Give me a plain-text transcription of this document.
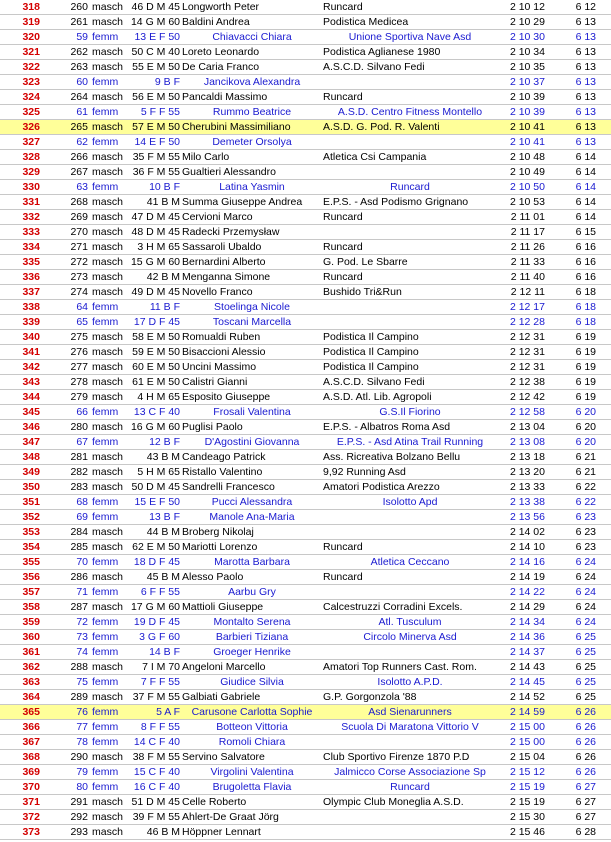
318	260 masch 46 D M 45 Longworth Peter	Runcard	2 10 12	6 12
319	261 masch 14 G M 60 Baldini Andrea	Podistica Medicea	2 10 29	6 13
320	59 femm	13 E F 50	Chiavacci Chiara	Unione Sportiva Nave Asd	2 10 30	6 13
321	262 masch 50 C M 40 Loreto Leonardo	Podistica Aglianese 1980	2 10 34	6 13
322	263 masch 55 E M 50 De Caria Franco	A.S.C.D. Silvano Fedi	2 10 35	6 13
323	60 femm	9 B F	Jancikova Alexandra	2 10 37	6 13
324	264 masch 56 E M 50 Pancaldi Massimo	Runcard	2 10 39	6 13
325	61 femm	5 F F 55	Rummo Beatrice	A.S.D. Centro Fitness Montello	2 10 39	6 13
326	265 masch 57 E M 50 Cherubini Massimiliano	A.S.D. G. Pod. R. Valenti	2 10 41	6 13
327	62 femm	14 E F 50	Demeter Orsolya	2 10 41	6 13
328	266 masch 35 F M 55 Milo Carlo	Atletica Csi Campania	2 10 48	6 14
329	267 masch 36 F M 55 Gualtieri Alessandro	2 10 49	6 14
330	63 femm	10 B F	Latina Yasmin	Runcard	2 10 50	6 14
331	268 masch	41 B M Summa Giuseppe Andrea	E.P.S. - Asd Podismo Grignano	2 10 53	6 14
332	269 masch 47 D M 45 Cervioni Marco	Runcard	2 11 01	6 14
333	270 masch 48 D M 45 Radecki Przemysław	2 11 17	6 15
334	271 masch	3 H M 65 Sassaroli Ubaldo	Runcard	2 11 26	6 16
335	272 masch 15 G M 60 Bernardini Alberto	G. Pod. Le Sbarre	2 11 33	6 16
336	273 masch	42 B M Menganna Simone	Runcard	2 11 40	6 16
337	274 masch 49 D M 45 Novello Franco	Bushido Tri&Run	2 12 11	6 18
338	64 femm	11 B F	Stoelinga Nicole	2 12 17	6 18
339	65 femm	17 D F 45	Toscani Marcella	2 12 28	6 18
340	275 masch 58 E M 50 Romualdi Ruben	Podistica Il Campino	2 12 31	6 19
341	276 masch 59 E M 50 Bisaccioni Alessio	Podistica Il Campino	2 12 31	6 19
342	277 masch 60 E M 50 Uncini Massimo	Podistica Il Campino	2 12 31	6 19
343	278 masch 61 E M 50 Calistri Gianni	A.S.C.D. Silvano Fedi	2 12 38	6 19
344	279 masch	4 H M 65 Esposito Giuseppe	A.S.D. Atl. Lib. Agropoli	2 12 42	6 19
345	66 femm	13 C F 40	Frosali Valentina	G.S.Il Fiorino	2 12 58	6 20
346	280 masch 16 G M 60 Puglisi Paolo	E.P.S. - Albatros Roma Asd	2 13 04	6 20
347	67 femm	12 B F	D'Agostini Giovanna	E.P.S. - Asd Atina Trail Running	2 13 08	6 20
348	281 masch	43 B M Candeago Patrick	Ass. Ricreativa Bolzano Bellu	2 13 18	6 21
349	282 masch	5 H M 65 Ristallo Valentino	9,92 Running Asd	2 13 20	6 21
350	283 masch 50 D M 45 Sandrelli Francesco	Amatori Podistica Arezzo	2 13 33	6 22
351	68 femm	15 E F 50	Pucci Alessandra	Isolotto Apd	2 13 38	6 22
352	69 femm	13 B F	Manole Ana-Maria	2 13 56	6 23
353	284 masch	44 B M Broberg Nikolaj	2 14 02	6 23
354	285 masch 62 E M 50 Mariotti Lorenzo	Runcard	2 14 10	6 23
355	70 femm	18 D F 45	Marotta Barbara	Atletica Ceccano	2 14 16	6 24
356	286 masch	45 B M Alesso Paolo	Runcard	2 14 19	6 24
357	71 femm	6 F F 55	Aarbu Gry	2 14 22	6 24
358	287 masch 17 G M 60 Mattioli Giuseppe	Calcestruzzi Corradini Excels.	2 14 29	6 24
359	72 femm	19 D F 45	Montalto Serena	Atl. Tusculum	2 14 34	6 24
360	73 femm	3 G F 60	Barbieri Tiziana	Circolo Minerva Asd	2 14 36	6 25
361	74 femm	14 B F	Groeger Henrike	2 14 37	6 25
362	288 masch	7 I M 70 Angeloni Marcello	Amatori Top Runners Cast. Rom.	2 14 43	6 25
363	75 femm	7 F F 55	Giudice Silvia	Isolotto A.P.D.	2 14 45	6 25
364	289 masch 37 F M 55 Galbiati Gabriele	G.P. Gorgonzola '88	2 14 52	6 25
365	76 femm	5 A F	Carusone Carlotta Sophie	Asd Sienarunners	2 14 59	6 26
366	77 femm	8 F F 55	Botteon Vittoria	Scuola Di Maratona Vittorio V	2 15 00	6 26
367	78 femm	14 C F 40	Romoli Chiara	2 15 00	6 26
368	290 masch 38 F M 55 Servino Salvatore	Club Sportivo Firenze 1870 P.D	2 15 04	6 26
369	79 femm	15 C F 40	Virgolini Valentina	Jalmicco Corse Associazione Sp	2 15 12	6 26
370	80 femm	16 C F 40	Brugoletta Flavia	Runcard	2 15 19	6 27
371	291 masch 51 D M 45 Celle Roberto	Olympic Club Moneglia A.S.D.	2 15 19	6 27
372	292 masch 39 F M 55 Ahlert-De Graat Jörg	2 15 30	6 27
373	293 masch	46 B M Höppner Lennart	2 15 46	6 28
